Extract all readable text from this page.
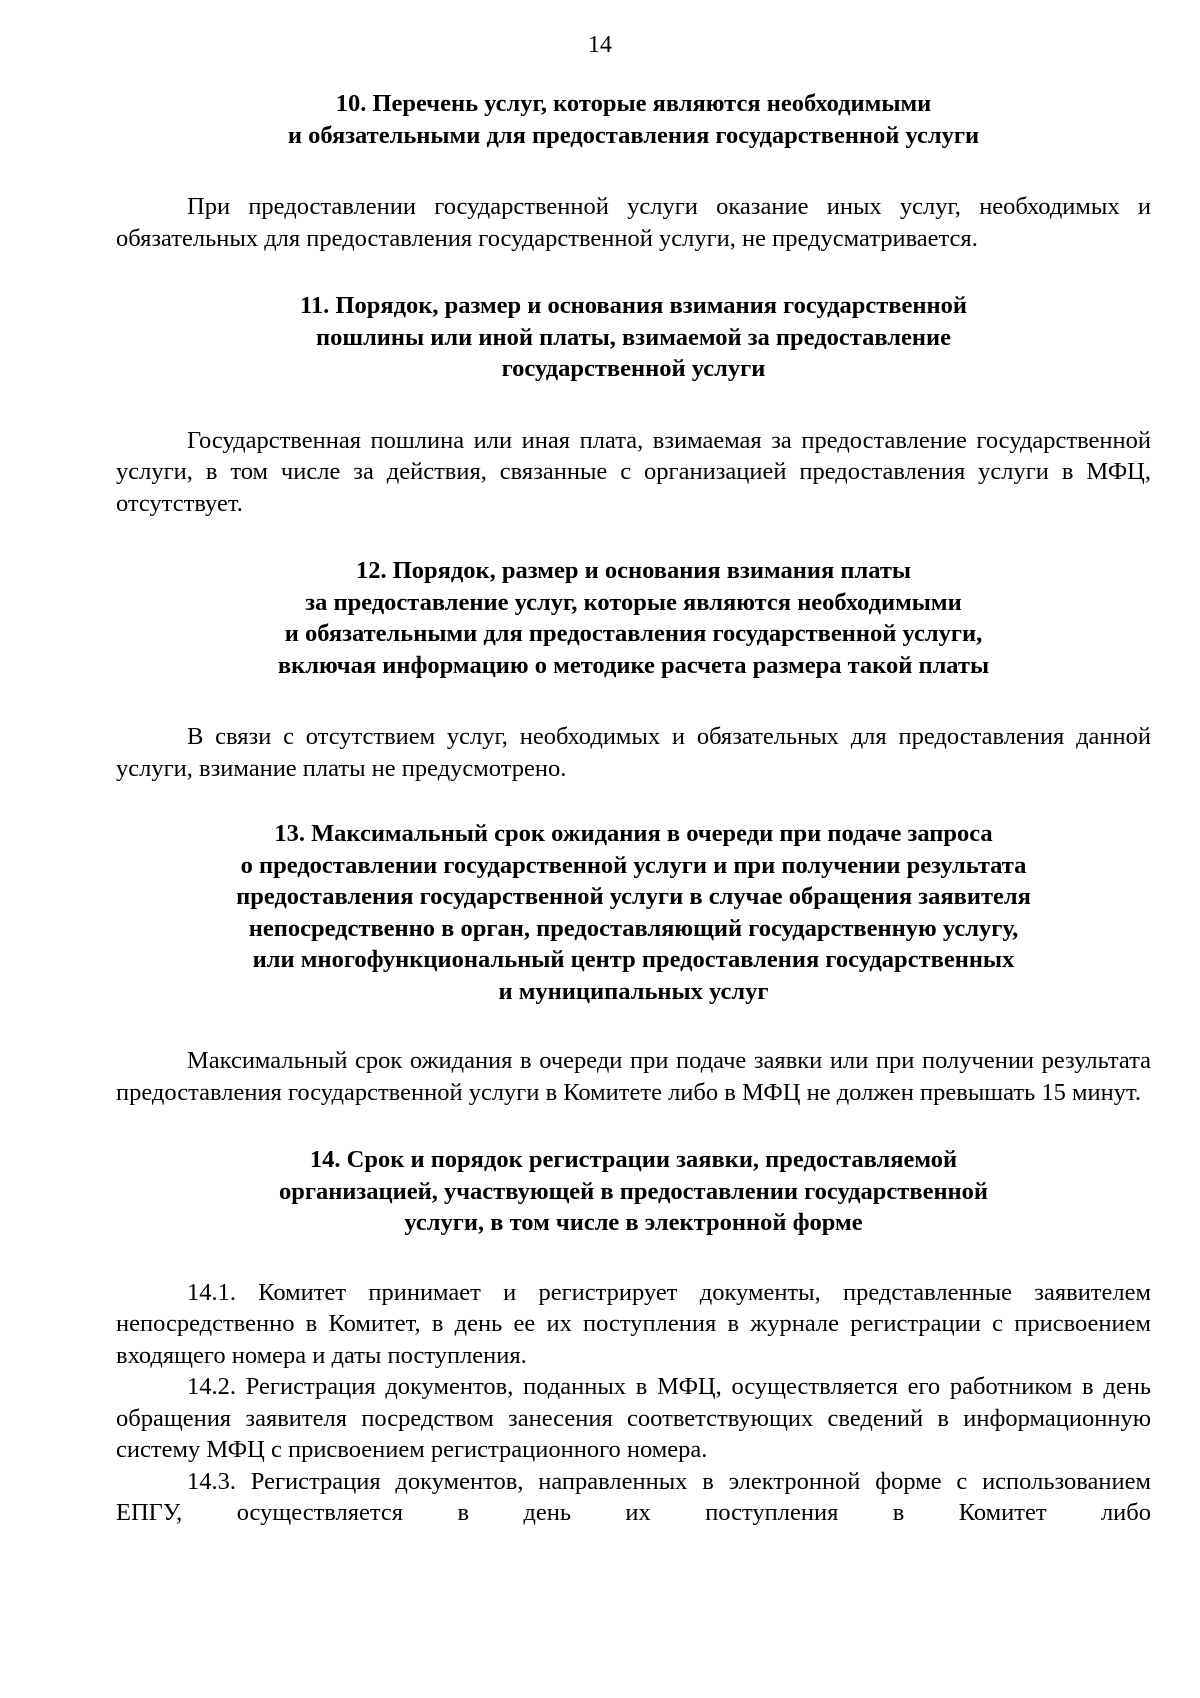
14
10. Перечень услуг, которые являются необходимыми
и обязательными для предоставления государственной услуги

При предоставлении государственной услуги оказание иных услуг, необходимых и обязательных для предоставления государственной услуги, не предусматривается.

11. Порядок, размер и основания взимания государственной
пошлины или иной платы, взимаемой за предоставление
государственной услуги

Государственная пошлина или иная плата, взимаемая за предоставление государственной услуги, в том числе за действия, связанные с организацией предоставления услуги в МФЦ, отсутствует.

12. Порядок, размер и основания взимания платы
за предоставление услуг, которые являются необходимыми
и обязательными для предоставления государственной услуги,
включая информацию о методике расчета размера такой платы

В связи с отсутствием услуг, необходимых и обязательных для предоставления данной услуги, взимание платы не предусмотрено.

13. Максимальный срок ожидания в очереди при подаче запроса
о предоставлении государственной услуги и при получении результата
предоставления государственной услуги в случае обращения заявителя
непосредственно в орган, предоставляющий государственную услугу,
или многофункциональный центр предоставления государственных
и муниципальных услуг

Максимальный срок ожидания в очереди при подаче заявки или при получении результата предоставления государственной услуги в Комитете либо в МФЦ не должен превышать 15 минут.

14. Срок и порядок регистрации заявки, предоставляемой
организацией, участвующей в предоставлении государственной
услуги, в том числе в электронной форме

14.1. Комитет принимает и регистрирует документы, представленные заявителем непосредственно в Комитет, в день ее их поступления в журнале регистрации с присвоением входящего номера и даты поступления.

14.2. Регистрация документов, поданных в МФЦ, осуществляется его работником в день обращения заявителя посредством занесения соответствующих сведений в информационную систему МФЦ с присвоением регистрационного номера.

14.3. Регистрация документов, направленных в электронной форме с использованием ЕПГУ, осуществляется в день их поступления в Комитет либо
